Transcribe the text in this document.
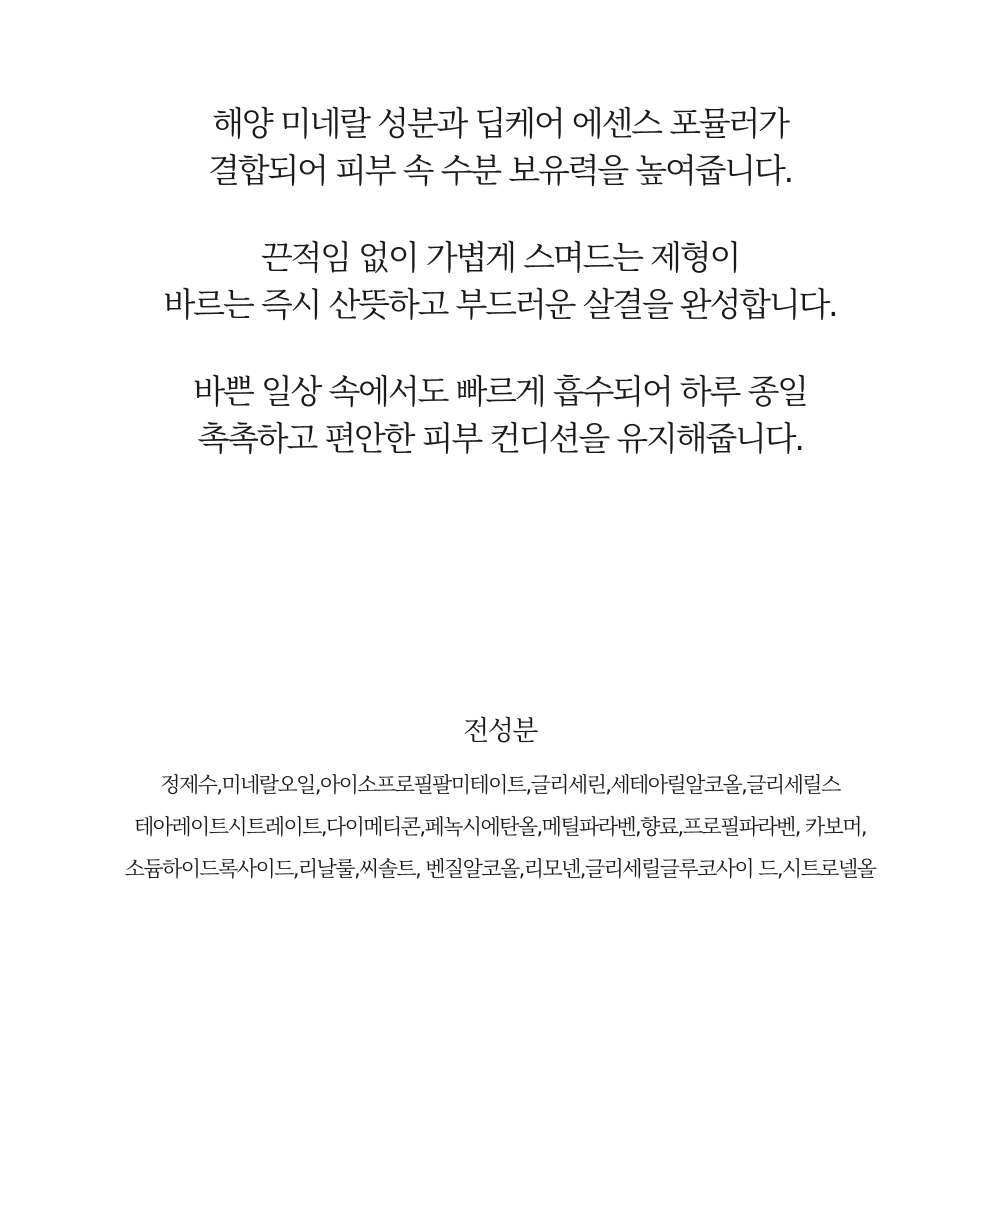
해양 미네랄 성분과 딥케어 에센스 포뮬러가
결합되어 피부 속 수분 보유력을 높여줍니다.

끈적임 없이 가볍게 스며드는 제형이
바르는 즉시 산뜻하고 부드러운 살결을 완성합니다.

바쁜 일상 속에서도 빠르게 흡수되어 하루 종일
촉촉하고 편안한 피부 컨디션을 유지해줍니다.

전성분
정제수,미네랄오일,아이소프로필팔미테이트,글리세린,세테아릴알코올,글리세릴스
테아레이트시트레이트,다이메티콘,페녹시에탄올,메틸파라벤,향료,프로필파라벤, 카보머,
소듐하이드록사이드,리날룰,씨솔트, 벤질알코올,리모넨,글리세릴글루코사이 드,시트로넬올
